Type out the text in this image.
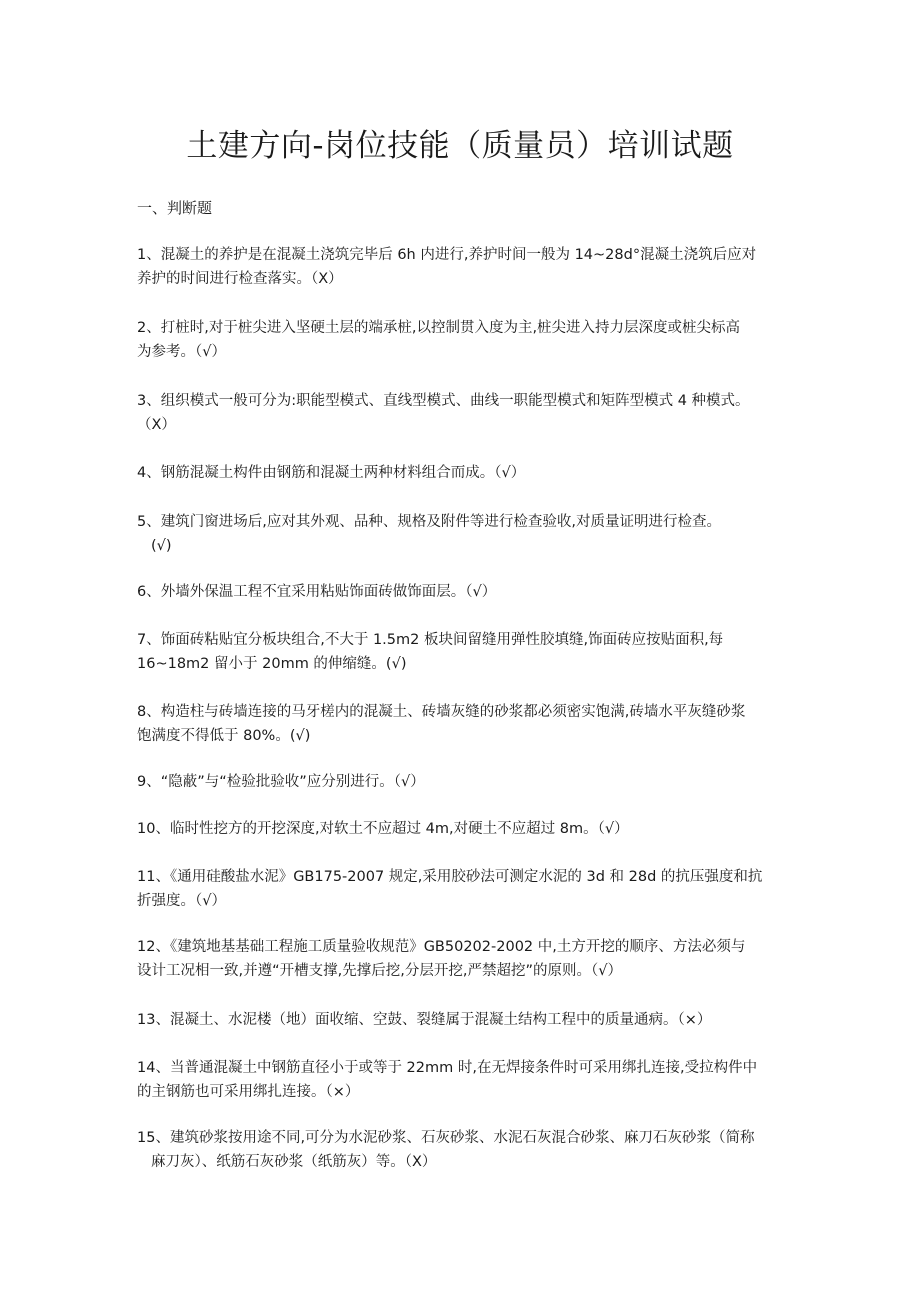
土建方向-岗位技能（质量员）培训试题
一、判断题

1、混凝土的养护是在混凝土浇筑完毕后 6h 内进行,养护时间一般为 14~28d°混凝土浇筑后应对
养护的时间进行检查落实。（X）

2、打桩时,对于桩尖进入坚硬土层的端承桩,以控制贯入度为主,桩尖进入持力层深度或桩尖标高
为参考。（√）

3、组织模式一般可分为:职能型模式、直线型模式、曲线一职能型模式和矩阵型模式 4 种模式。
（X）

4、钢筋混凝土构件由钢筋和混凝土两种材料组合而成。（√）

5、建筑门窗进场后,应对其外观、品种、规格及附件等进行检查验收,对质量证明进行检查。
(√)

6、外墙外保温工程不宜采用粘贴饰面砖做饰面层。（√）

7、饰面砖粘贴宜分板块组合,不大于 1.5m2 板块间留缝用弹性胶填缝,饰面砖应按贴面积,每
16~18m2 留小于 20mm 的伸缩缝。(√)

8、构造柱与砖墙连接的马牙槎内的混凝土、砖墙灰缝的砂浆都必须密实饱满,砖墙水平灰缝砂浆
饱满度不得低于 80%。(√)

9、“隐蔽”与“检验批验收”应分别进行。（√）

10、临时性挖方的开挖深度,对软土不应超过 4m,对硬土不应超过 8m。（√）

11、《通用硅酸盐水泥》GB175-2007 规定,采用胶砂法可测定水泥的 3d 和 28d 的抗压强度和抗
折强度。（√）

12、《建筑地基基础工程施工质量验收规范》GB50202-2002 中,土方开挖的顺序、方法必须与
设计工况相一致,并遵“开槽支撑,先撑后挖,分层开挖,严禁超挖”的原则。（√）

13、混凝土、水泥楼（地）面收缩、空鼓、裂缝属于混凝土结构工程中的质量通病。（×）

14、当普通混凝土中钢筋直径小于或等于 22mm 时,在无焊接条件时可采用绑扎连接,受拉构件中
的主钢筋也可采用绑扎连接。（×）

15、建筑砂浆按用途不同,可分为水泥砂浆、石灰砂浆、水泥石灰混合砂浆、麻刀石灰砂浆（简称
麻刀灰）、纸筋石灰砂浆（纸筋灰）等。（X）
